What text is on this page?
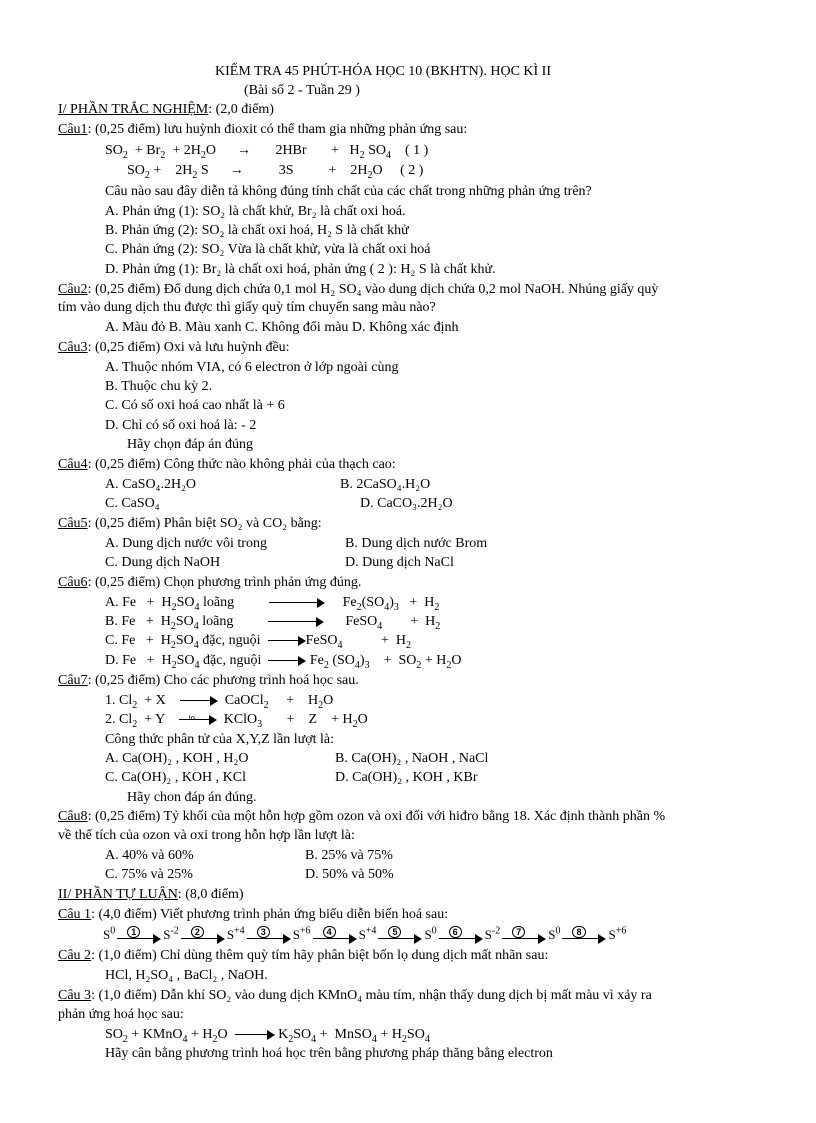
KIỂM TRA 45 PHÚT-HÓA HỌC 10 (BKHTN). HỌC KÌ II
(Bài số 2 - Tuần 29 )
I/ PHẦN TRẮC NGHIỆM: (2,0 điểm)
Câu1: (0,25 điểm) lưu huỳnh đioxit có thể tham gia những phản ứng sau:
$SO_2 + Br_2 + 2H_2O$      →       2HBr       +   $H_2$ $SO_4$    ( 1 )
$SO_2$ +    $2H_2$ S      →          3S          +    $2H_2O$     ( 2 )
Câu nào sau đây diễn tả không đúng tính chất của các chất trong những phản ứng trên?
A. Phản ứng (1): SO₂ là chất khử, Br₂ là chất oxi hoá.
B. Phản ứng (2): SO₂ là chất oxi hoá, H₂ S là chất khử
C. Phản ứng (2): SO₂ Vừa là chất khử, vừa là chất oxi hoá
D. Phản ứng (1): Br₂ là chất oxi hoá, phản ứng ( 2 ): H₂ S là chất khử.
Câu2: (0,25 điểm) Đổ dung dịch chứa 0,1 mol H₂ SO₄ vào dung dịch chứa 0,2 mol NaOH. Nhúng giấy quỳ
tím vào dung dịch thu được thì giấy quỳ tím chuyển sang màu nào?
A. Màu đỏ B. Màu xanh C. Không đổi màu D. Không xác định
Câu3: (0,25 điểm) Oxi và lưu huỳnh đều:
A. Thuộc nhóm VIA, có 6 electron ở lớp ngoài cùng
B. Thuộc chu kỳ 2.
C. Có số oxi hoá cao nhất là + 6
D. Chỉ có số oxi hoá là: - 2
Hãy chọn đáp án đúng
Câu4: (0,25 điểm) Công thức nào không phải của thạch cao:
A. CaSO₄.2H₂O	B. 2CaSO₄.H₂O
C. CaSO₄	D. CaCO₃.2H₂O
Câu5: (0,25 điểm) Phân biệt SO₂ và CO₂ bằng:
A. Dung dịch nước vôi trong	B. Dung dịch nước Brom
C. Dung dịch NaOH	D. Dung dịch NaCl
Câu6: (0,25 điểm) Chọn phương trình phản ứng đúng.
A. $Fe + H_2SO_4$ loãng	$Fe_2(SO_4)_3 + H_2$
B. $Fe + H_2SO_4$ loãng	FeSO$_4$        +  $H_2$
C. $Fe + H_2SO_4$ đặc, nguội	FeSO$_4$           +  $H_2$
D. $Fe + H_2SO_4$ đặc, nguội	$Fe_2$ $(SO_4)_3$    +  $SO_2 + H_2O$
Câu7: (0,25 điểm) Cho các phương trình hoá học sau.
1. $Cl_2 + X$	CaOCl$_2$     +    $H_2O$
2. $Cl_2 + Y$ to KClO$_3$       +    Z    + $H_2O$
Công thức phân tử của X,Y,Z lần lượt là:
A. Ca(OH)₂ , KOH , H₂O	B. Ca(OH)₂ , NaOH , NaCl
C. Ca(OH)₂ , KOH , KCl	D. Ca(OH)₂ , KOH , KBr
Hãy chon đáp án đúng.
Câu8: (0,25 điểm) Tỷ khối của một hỗn hợp gồm ozon và oxi đối với hiđro bằng 18. Xác định thành phần %
về thể tích của ozon và oxi trong hỗn hợp lần lượt là:
A. 40% và 60%	B. 25% và 75%
C. 75% và 25%	D. 50% và 50%
II/ PHẦN TỰ LUẬN: (8,0 điểm)
Câu 1: (4,0 điểm) Viết phương trình phản ứng biểu diễn biến hoá sau:
$S^0$	1	$S^{-2}$	2	$S^{+4}$	3	$S^{+6}$	4	$S^{+4}$	5	$S^0$	6	$S^{-2}$	7	$S^0$	8	$S^{+6}$
Câu 2: (1,0 điểm) Chỉ dùng thêm quỳ tím hãy phân biệt bốn lọ dung dịch mất nhãn sau:
HCl, H₂SO₄ , BaCl₂ , NaOH.
Câu 3: (1,0 điểm) Dẫn khí SO₂ vào dung dịch KMnO₄ màu tím, nhận thấy dung dịch bị mất màu vì xảy ra
phản ứng hoá học sau:
$SO_2$ + KMnO$_4$ + $H_2O$	$K_2SO_4$ +  MnSO$_4$ + $H_2SO_4$
Hãy cân bằng phương trình hoá học trên bằng phương pháp thăng bằng electron
